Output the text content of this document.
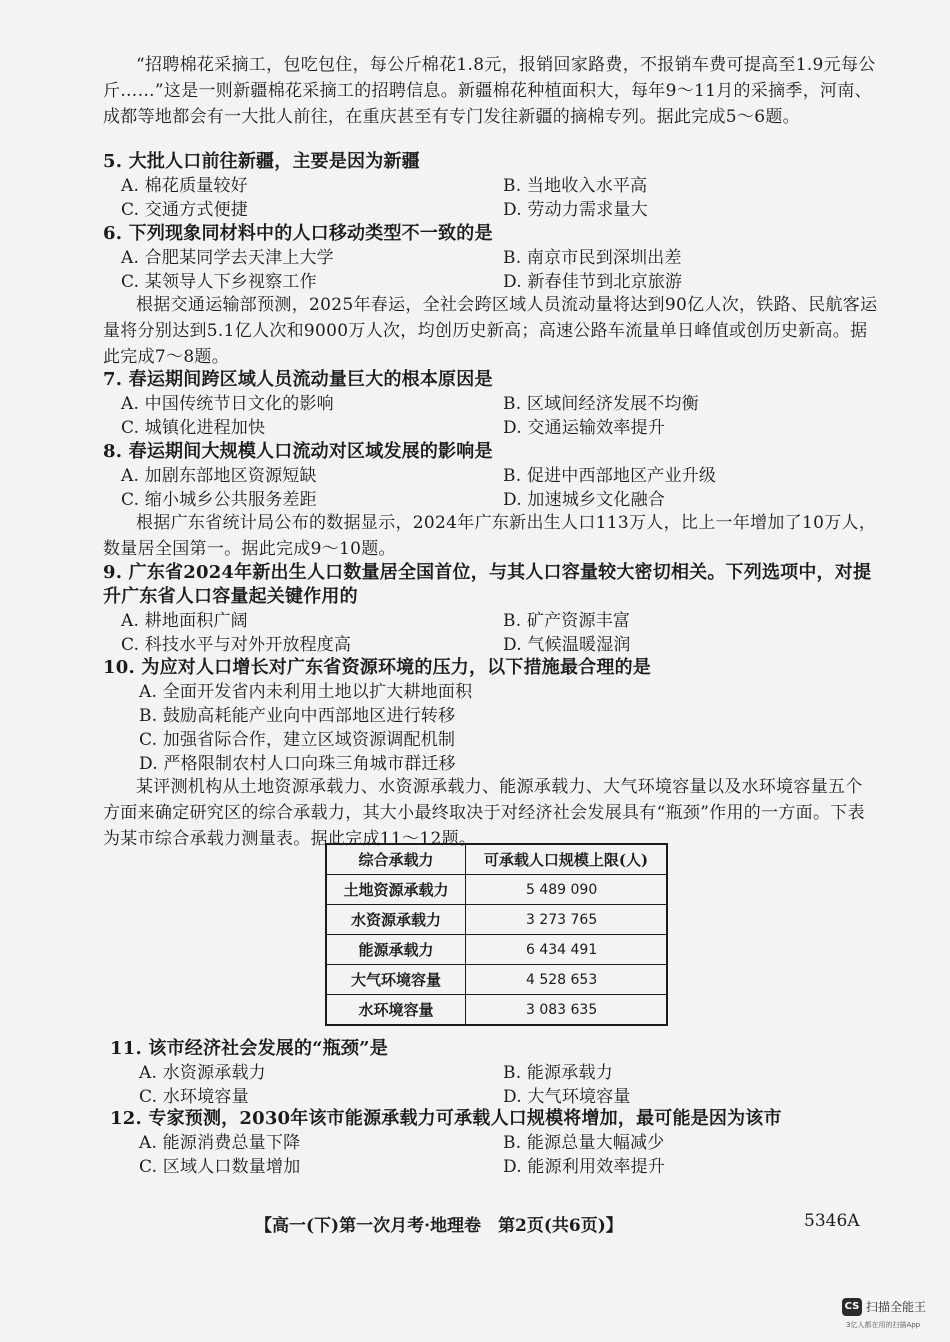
“招聘棉花采摘工，包吃包住，每公斤棉花1.8元，报销回家路费，不报销车费可提高至1.9元每公斤……”这是一则新疆棉花采摘工的招聘信息。新疆棉花种植面积大，每年9～11月的采摘季，河南、成都等地都会有一大批人前往，在重庆甚至有专门发往新疆的摘棉专列。据此完成5～6题。

5. 大批人口前往新疆，主要是因为新疆

A. 棉花质量较好	B. 当地收入水平高

C. 交通方式便捷	D. 劳动力需求量大

6. 下列现象同材料中的人口移动类型不一致的是

A. 合肥某同学去天津上大学	B. 南京市民到深圳出差

C. 某领导人下乡视察工作	D. 新春佳节到北京旅游

根据交通运输部预测，2025年春运，全社会跨区域人员流动量将达到90亿人次，铁路、民航客运量将分别达到5.1亿人次和9000万人次，均创历史新高；高速公路车流量单日峰值或创历史新高。据此完成7～8题。

7. 春运期间跨区域人员流动量巨大的根本原因是

A. 中国传统节日文化的影响	B. 区域间经济发展不均衡

C. 城镇化进程加快	D. 交通运输效率提升

8. 春运期间大规模人口流动对区域发展的影响是

A. 加剧东部地区资源短缺	B. 促进中西部地区产业升级

C. 缩小城乡公共服务差距	D. 加速城乡文化融合

根据广东省统计局公布的数据显示，2024年广东新出生人口113万人，比上一年增加了10万人，数量居全国第一。据此完成9～10题。

9. 广东省2024年新出生人口数量居全国首位，与其人口容量较大密切相关。下列选项中，对提

升广东省人口容量起关键作用的

A. 耕地面积广阔	B. 矿产资源丰富

C. 科技水平与对外开放程度高	D. 气候温暖湿润

10. 为应对人口增长对广东省资源环境的压力，以下措施最合理的是

A. 全面开发省内未利用土地以扩大耕地面积

B. 鼓励高耗能产业向中西部地区进行转移

C. 加强省际合作，建立区域资源调配机制

D. 严格限制农村人口向珠三角城市群迁移

某评测机构从土地资源承载力、水资源承载力、能源承载力、大气环境容量以及水环境容量五个方面来确定研究区的综合承载力，其大小最终取决于对经济社会发展具有“瓶颈”作用的一方面。下表为某市综合承载力测量表。据此完成11～12题。

综合承载力	可承载人口规模上限(人)
土地资源承载力	5 489 090
水资源承载力	3 273 765
能源承载力	6 434 491
大气环境容量	4 528 653
水环境容量	3 083 635

11. 该市经济社会发展的“瓶颈”是

A. 水资源承载力	B. 能源承载力

C. 水环境容量	D. 大气环境容量

12. 专家预测，2030年该市能源承载力可承载人口规模将增加，最可能是因为该市

A. 能源消费总量下降	B. 能源总量大幅减少

C. 区域人口数量增加	D. 能源利用效率提升

【高一(下)第一次月考·地理卷　第2页(共6页)】	5346A
CS 扫描全能王
3亿人都在用的扫描App
